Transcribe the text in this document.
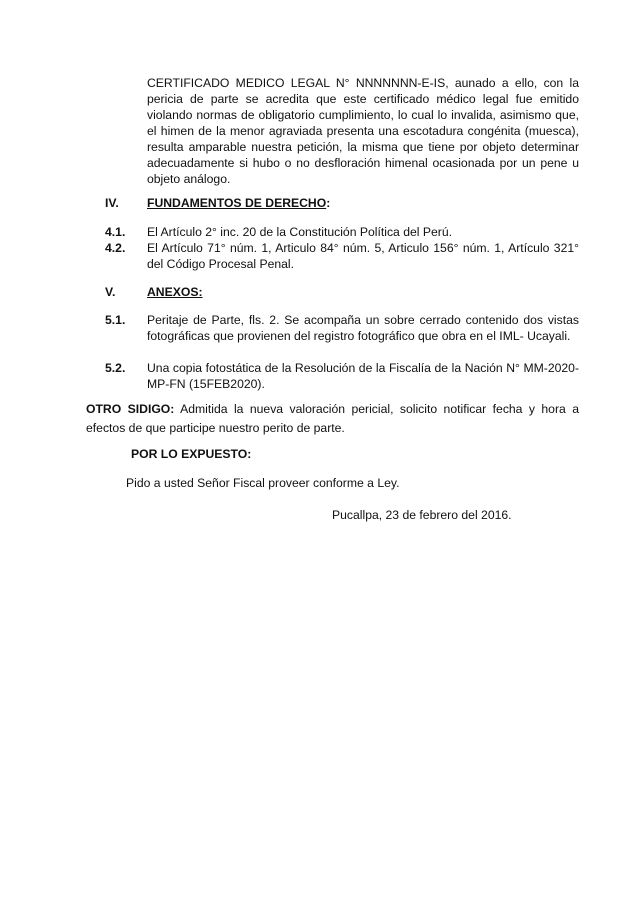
CERTIFICADO MEDICO LEGAL N° NNNNNNN-E-IS, aunado a ello, con la pericia de parte se acredita que este certificado médico legal fue emitido violando normas de obligatorio cumplimiento, lo cual lo invalida, asimismo que, el himen de la menor agraviada presenta una escotadura congénita (muesca), resulta amparable nuestra petición, la misma que tiene por objeto determinar adecuadamente si hubo o no desfloración himenal ocasionada por un pene u objeto análogo.
IV. FUNDAMENTOS DE DERECHO:
4.1. El Artículo 2° inc. 20 de la Constitución Política del Perú.
4.2. El Artículo 71° núm. 1, Articulo 84° núm. 5, Articulo 156° núm. 1, Artículo 321° del Código Procesal Penal.
V.	ANEXOS:
5.1. Peritaje de Parte, fls. 2. Se acompaña un sobre cerrado contenido dos vistas fotográficas que provienen del registro fotográfico que obra en el IML- Ucayali.
5.2. Una copia fotostática de la Resolución de la Fiscalía de la Nación N° MM-2020-MP-FN (15FEB2020).
OTRO SIDIGO: Admitida la nueva valoración pericial, solicito notificar fecha y hora a efectos de que participe nuestro perito de parte.
POR LO EXPUESTO:
Pido a usted Señor Fiscal proveer conforme a Ley.
Pucallpa, 23 de febrero del 2016.
